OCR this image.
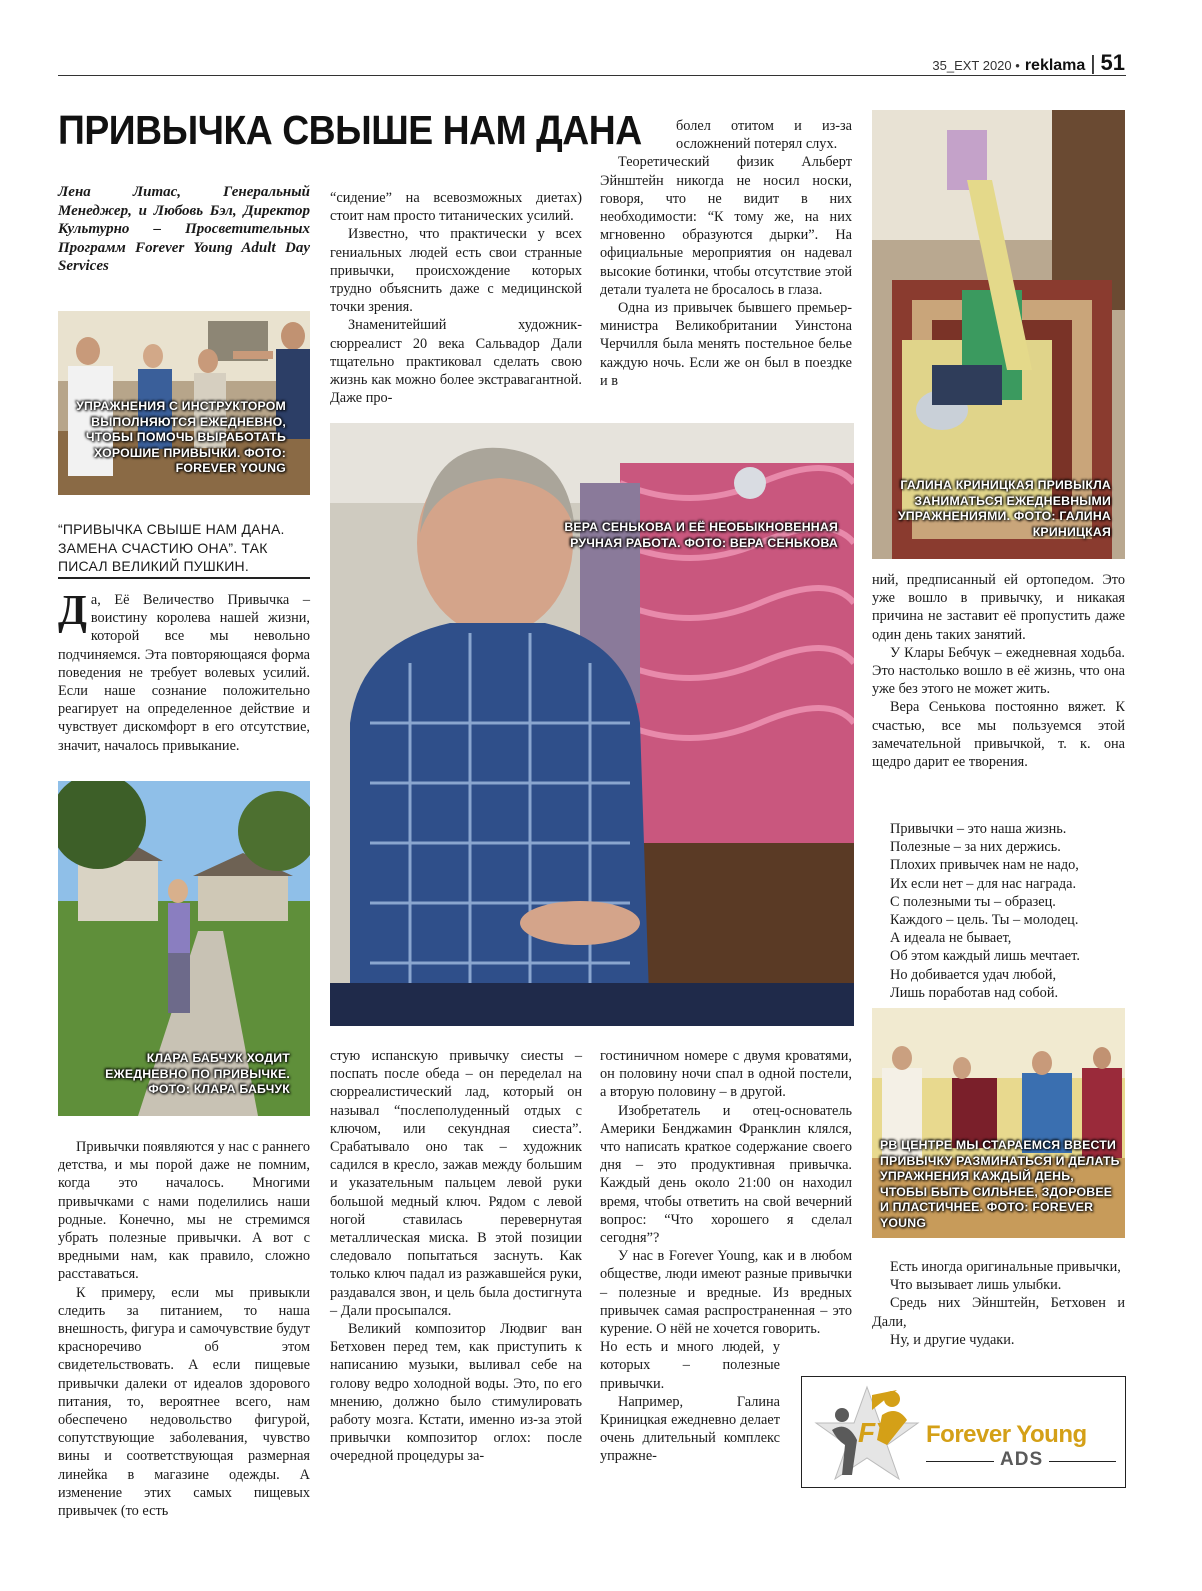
35_EXT 2020 • reklama | 51
ПРИВЫЧКА СВЫШЕ НАМ ДАНА
Лена Литас, Генеральный Менеджер, и Любовь Бэл, Директор Культурно – Просветительных Программ Forever Young Adult Day Services
УПРАЖНЕНИЯ С ИНСТРУКТОРОМ ВЫПОЛНЯЮТСЯ ЕЖЕДНЕВНО, ЧТОБЫ ПОМОЧЬ ВЫРАБОТАТЬ ХОРОШИЕ ПРИВЫЧКИ. ФОТО: FOREVER YOUNG
“ПРИВЫЧКА СВЫШЕ НАМ ДАНА. ЗАМЕНА СЧАСТИЮ ОНА”. ТАК ПИСАЛ ВЕЛИКИЙ ПУШКИН.
Д а, Её Величество Привычка – воистину королева нашей жизни, которой все мы невольно подчиняемся. Эта повторяющаяся форма поведения не требует волевых усилий. Если наше сознание положительно реагирует на определенное действие и чувствует дискомфорт в его отсутствие, значит, началось привыкание.
КЛАРА БАБЧУК ХОДИТ ЕЖЕДНЕВНО ПО ПРИВЫЧКЕ. ФОТО: КЛАРА БАБЧУК

Привычки появляются у нас с раннего детства, и мы порой даже не помним, когда это началось. Многими привычками с нами поделились наши родные. Конечно, мы не стремимся убрать полезные привычки. А вот с вредными нам, как правило, сложно расставаться.

К примеру, если мы привыкли следить за питанием, то наша внешность, фигура и самочувствие будут красноречиво об этом свидетельствовать. А если пищевые привычки далеки от идеалов здорового питания, то, вероятнее всего, нам обеспечено недовольство фигурой, сопутствующие заболевания, чувство вины и соответствующая размерная линейка в магазине одежды. А изменение этих самых пищевых привычек (то есть

“сидение” на всевозможных диетах) стоит нам просто титанических усилий.

Известно, что практически у всех гениальных людей есть свои странные привычки, происхождение которых трудно объяснить даже с медицинской точки зрения.

Знаменитейший художник-сюрреалист 20 века Сальвадор Дали тщательно практиковал сделать свою жизнь как можно более экстравагантной. Даже про-

болел отитом и из-за осложнений потерял слух.

Теоретический физик Альберт Эйнштейн никогда не носил носки, говоря, что не видит в них необходимости: “К тому же, на них мгновенно образуются дырки”. На официальные мероприятия он надевал высокие ботинки, чтобы отсутствие этой детали туалета не бросалось в глаза.

Одна из привычек бывшего премьер-министра Великобритании Уинстона Черчилля была менять постельное белье каждую ночь. Если же он был в поездке и в

ВЕРА СЕНЬКОВА И ЕЁ НЕОБЫКНОВЕННАЯ РУЧНАЯ РАБОТА. ФОТО: ВЕРА СЕНЬКОВА

стую испанскую привычку сиесты – поспать после обеда – он переделал на сюрреалистический лад, который он называл “послеполуденный отдых с ключом, или секундная сиеста”. Срабатывало оно так – художник садился в кресло, зажав между большим и указательным пальцем левой руки большой медный ключ. Рядом с левой ногой ставилась перевернутая металлическая миска. В этой позиции следовало попытаться заснуть. Как только ключ падал из разжавшейся руки, раздавался звон, и цель была достигнута – Дали просыпался.

Великий композитор Людвиг ван Бетховен перед тем, как приступить к написанию музыки, выливал себе на голову ведро холодной воды. Это, по его мнению, должно было стимулировать работу мозга. Кстати, именно из-за этой привычки композитор оглох: после очередной процедуры за-

гостиничном номере с двумя кроватями, он половину ночи спал в одной постели, а вторую половину – в другой.

Изобретатель и отец-основатель Америки Бенджамин Франклин клялся, что написать краткое содержание своего дня – это продуктивная привычка. Каждый день около 21:00 он находил время, чтобы ответить на свой вечерний вопрос: “Что хорошего я сделал сегодня”?

У нас в Forever Young, как и в любом обществе, люди имеют разные привычки – полезные и вредные. Из вредных привычек самая распространенная – это курение. О нёй не хочется говорить.

Но есть и много людей, у которых – полезные привычки.

Например, Галина Криницкая ежедневно делает очень длительный комплекс упражне-

ГАЛИНА КРИНИЦКАЯ ПРИВЫКЛА ЗАНИМАТЬСЯ ЕЖЕДНЕВНЫМИ УПРАЖНЕНИЯМИ. ФОТО: ГАЛИНА КРИНИЦКАЯ

ний, предписанный ей ортопедом. Это уже вошло в привычку, и никакая причина не заставит её пропустить даже один день таких занятий.

У Клары Бебчук – ежедневная ходьба. Это настолько вошло в её жизнь, что она уже без этого не может жить.

Вера Сенькова постоянно вяжет. К счастью, все мы пользуемся этой замечательной привычкой, т. к. она щедро дарит ее творения.

Привычки – это наша жизнь.

Полезные – за них держись.

Плохих привычек нам не надо,

Их если нет – для нас награда.

С полезными ты – образец.

Каждого – цель. Ты – молодец.

А идеала не бывает,

Об этом каждый лишь мечтает.

Но добивается удач любой,

Лишь поработав над собой.

РВ ЦЕНТРЕ МЫ СТАРАЕМСЯ ВВЕСТИ ПРИВЫЧКУ РАЗМИНАТЬСЯ И ДЕЛАТЬ УПРАЖНЕНИЯ КАЖДЫЙ ДЕНЬ, ЧТОБЫ БЫТЬ СИЛЬНЕЕ, ЗДОРОВЕЕ И ПЛАСТИЧНЕЕ. ФОТО: FOREVER YOUNG

Есть иногда оригинальные привычки,

Что вызывает лишь улыбки.

Средь них Эйнштейн, Бетховен и Дали,

Ну, и другие чудаки.

FY Forever Young
ADS
